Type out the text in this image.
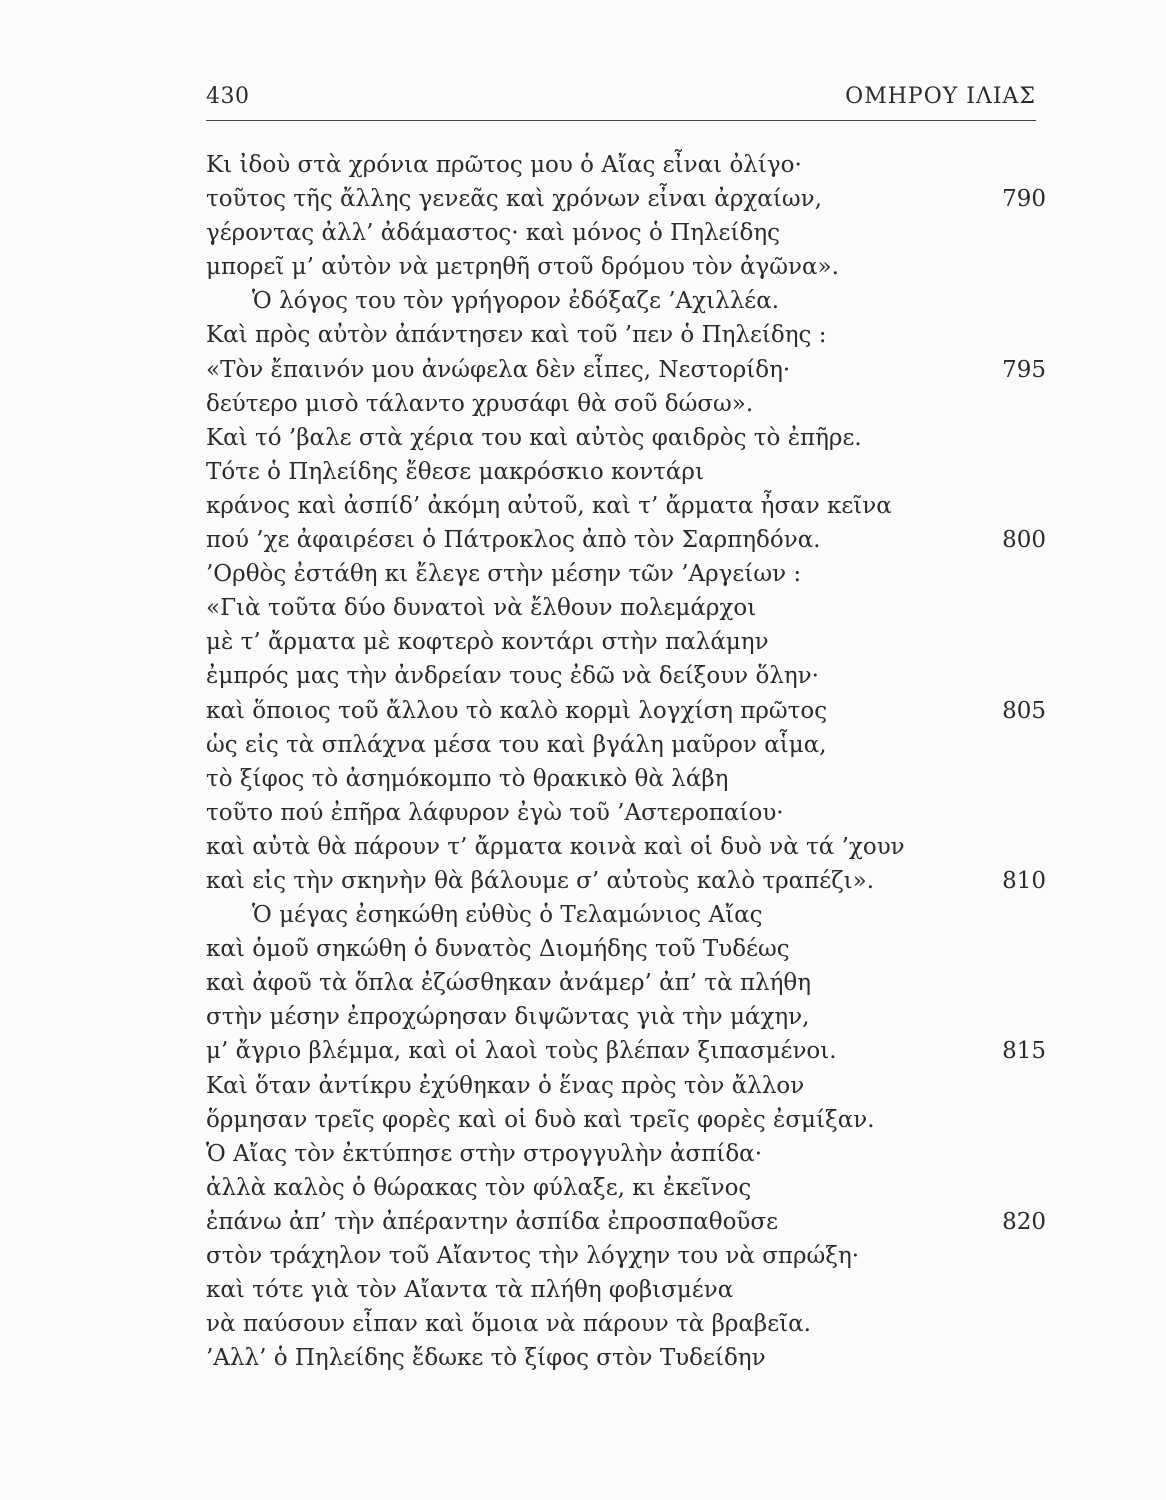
430	ΟΜΗΡΟΥ ΙΛΙΑΣ
Κι ἰδοὺ στὰ χρόνια πρῶτος μου ὁ Αἴας εἶναι ὀλίγο·
τοῦτος τῆς ἄλλης γενεᾶς καὶ χρόνων εἶναι ἀρχαίων,	790
γέροντας ἀλλ’ ἀδάμαστος· καὶ μόνος ὁ Πηλείδης
μπορεῖ μ’ αὐτὸν νὰ μετρηθῆ στοῦ δρόμου τὸν ἀγῶνα».
Ὁ λόγος του τὸν γρήγορον ἐδόξαζε ’Αχιλλέα.
Καὶ πρὸς αὐτὸν ἀπάντησεν καὶ τοῦ ’πεν ὁ Πηλείδης :
«Τὸν ἔπαινόν μου ἀνώφελα δὲν εἶπες, Νεστορίδη·	795
δεύτερο μισὸ τάλαντο χρυσάφι θὰ σοῦ δώσω».
Καὶ τό ’βαλε στὰ χέρια του καὶ αὐτὸς φαιδρὸς τὸ ἐπῆρε.
Τότε ὁ Πηλείδης ἔθεσε μακρόσκιο κοντάρι
κράνος καὶ ἀσπίδ’ ἀκόμη αὐτοῦ, καὶ τ’ ἄρματα ἦσαν κεῖνα
πού ’χε ἀφαιρέσει ὁ Πάτροκλος ἀπὸ τὸν Σαρπηδόνα.	800
’Ορθὸς ἐστάθη κι ἔλεγε στὴν μέσην τῶν ’Αργείων :
«Γιὰ τοῦτα δύο δυνατοὶ νὰ ἔλθουν πολεμάρχοι
μὲ τ’ ἄρματα μὲ κοφτερὸ κοντάρι στὴν παλάμην
ἐμπρός μας τὴν ἀνδρείαν τους ἐδῶ νὰ δείξουν ὅλην·
καὶ ὅποιος τοῦ ἄλλου τὸ καλὸ κορμὶ λογχίση πρῶτος	805
ὡς εἰς τὰ σπλάχνα μέσα του καὶ βγάλη μαῦρον αἷμα,
τὸ ξίφος τὸ ἀσημόκομπο τὸ θρακικὸ θὰ λάβη
τοῦτο πού ἐπῆρα λάφυρον ἐγὼ τοῦ ’Αστεροπαίου·
καὶ αὐτὰ θὰ πάρουν τ’ ἄρματα κοινὰ καὶ οἱ δυὸ νὰ τά ’χουν
καὶ εἰς τὴν σκηνὴν θὰ βάλουμε σ’ αὐτοὺς καλὸ τραπέζι».	810
Ὁ μέγας ἐσηκώθη εὐθὺς ὁ Τελαμώνιος Αἴας
καὶ ὁμοῦ σηκώθη ὁ δυνατὸς Διομήδης τοῦ Τυδέως
καὶ ἀφοῦ τὰ ὅπλα ἐζώσθηκαν ἀνάμερ’ ἀπ’ τὰ πλήθη
στὴν μέσην ἐπροχώρησαν διψῶντας γιὰ τὴν μάχην,
μ’ ἄγριο βλέμμα, καὶ οἱ λαοὶ τοὺς βλέπαν ξιπασμένοι.	815
Καὶ ὅταν ἀντίκρυ ἐχύθηκαν ὁ ἕνας πρὸς τὸν ἄλλον
ὅρμησαν τρεῖς φορὲς καὶ οἱ δυὸ καὶ τρεῖς φορὲς ἐσμίξαν.
Ὁ Αἴας τὸν ἐκτύπησε στὴν στρογγυλὴν ἀσπίδα·
ἀλλὰ καλὸς ὁ θώρακας τὸν φύλαξε, κι ἐκεῖνος
ἐπάνω ἀπ’ τὴν ἀπέραντην ἀσπίδα ἐπροσπαθοῦσε	820
στὸν τράχηλον τοῦ Αἴαντος τὴν λόγχην του νὰ σπρώξη·
καὶ τότε γιὰ τὸν Αἴαντα τὰ πλήθη φοβισμένα
νὰ παύσουν εἶπαν καὶ ὅμοια νὰ πάρουν τὰ βραβεῖα.
’Αλλ’ ὁ Πηλείδης ἔδωκε τὸ ξίφος στὸν Τυδείδην
